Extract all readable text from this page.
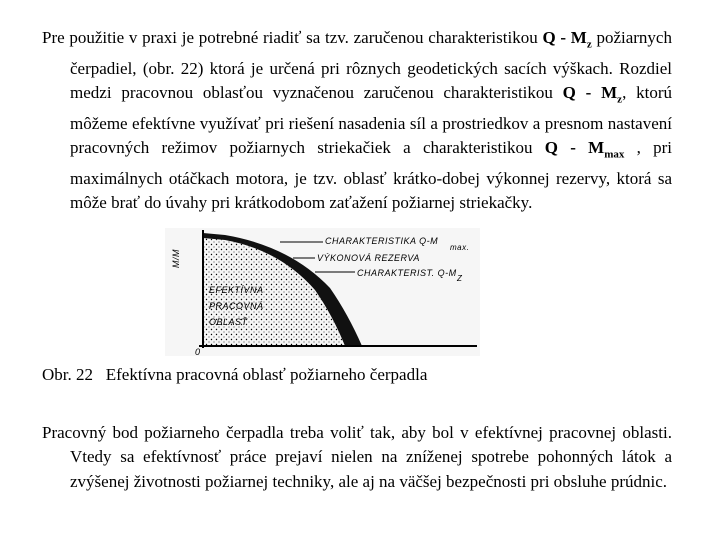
Pre použitie v praxi je potrebné riadiť sa tzv. zaručenou charakteristikou Q - $M_z$ požiarnych čerpadiel, (obr. 22) ktorá je určená pri rôznych geodetických sacích výškach. Rozdiel medzi pracovnou oblasťou vyznačenou zaručenou charakteristikou Q - $M_z$, ktorú môžeme efektívne využívať pri riešení nasadenia síl a prostriedkov a presnom nastavení pracovných režimov požiarnych striekačiek a charakteristikou Q - $M_{max}$ , pri maximálnych otáčkach motora, je tzv. oblasť krátko-dobej výkonnej rezervy, ktorá sa môže brať do úvahy pri krátkodobom zaťažení požiarnej striekačky.
M/M
0
CHARAKTERISTIKA Q-M
max.
VÝKONOVÁ REZERVA
CHARAKTERIST. Q-M
Z
EFEKTÍVNA
PRACOVNÁ
OBLASŤ
Obr. 22 Efektívna pracovná oblasť požiarneho čerpadla
Pracovný bod požiarneho čerpadla treba voliť tak, aby bol v efektívnej pracovnej oblasti. Vtedy sa efektívnosť práce prejaví nielen na zníženej spotrebe pohonných látok a zvýšenej životnosti požiarnej techniky, ale aj na väčšej bezpečnosti pri obsluhe prúdnic.
